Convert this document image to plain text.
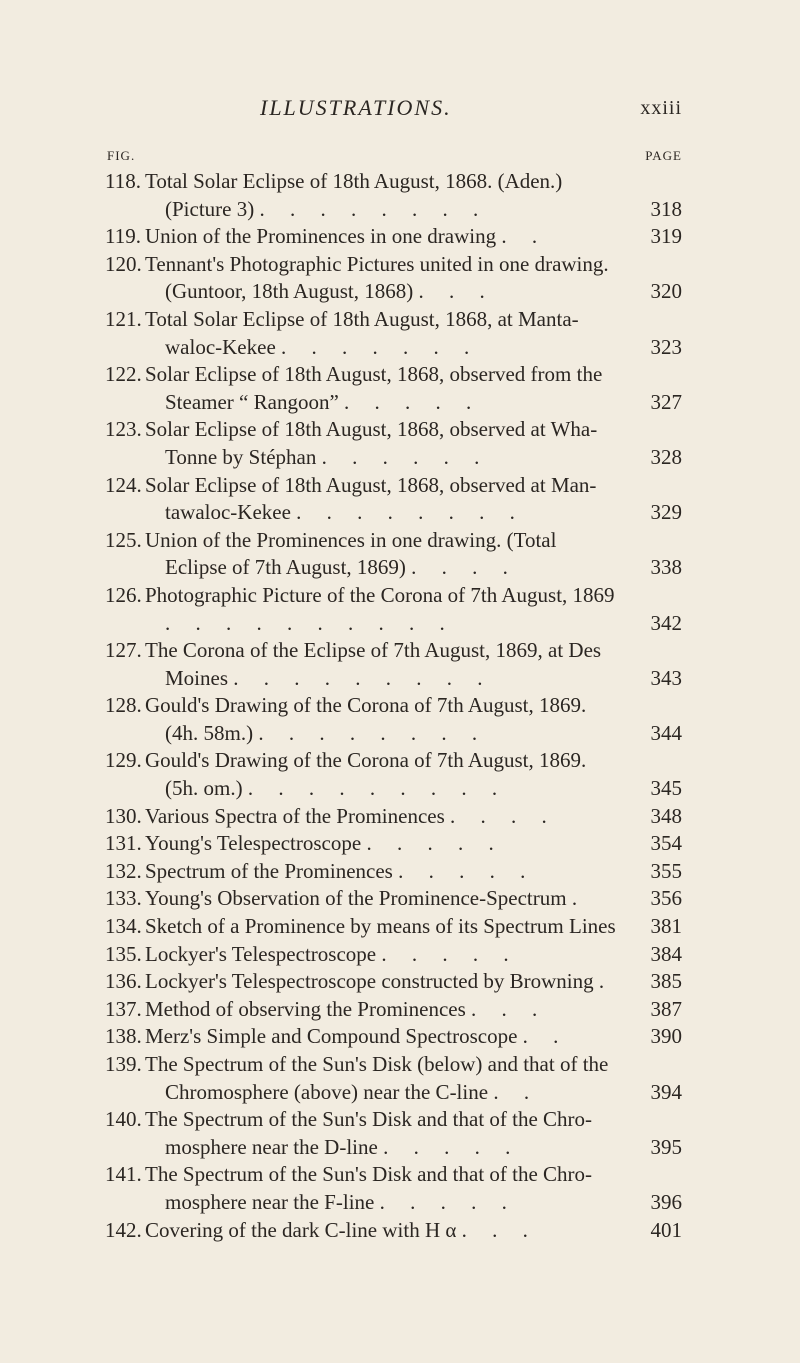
ILLUSTRATIONS.	xxiii
FIG.	PAGE
118. Total Solar Eclipse of 18th August, 1868. (Aden.) (Picture 3) . . . . . . . .	318
119. Union of the Prominences in one drawing . .	319
120. Tennant's Photographic Pictures united in one drawing. (Guntoor, 18th August, 1868) . . .	320
121. Total Solar Eclipse of 18th August, 1868, at Manta-waloc-Kekee . . . . . . .	323
122. Solar Eclipse of 18th August, 1868, observed from the Steamer “ Rangoon” . . . . .	327
123. Solar Eclipse of 18th August, 1868, observed at Wha-Tonne by Stéphan . . . . . .	328
124. Solar Eclipse of 18th August, 1868, observed at Man-tawaloc-Kekee . . . . . . . .	329
125. Union of the Prominences in one drawing. (Total Eclipse of 7th August, 1869) . . . .	338
126. Photographic Picture of the Corona of 7th August, 1869 . . . . . . . . . .	342
127. The Corona of the Eclipse of 7th August, 1869, at Des Moines . . . . . . . . .	343
128. Gould's Drawing of the Corona of 7th August, 1869. (4h. 58m.) . . . . . . . .	344
129. Gould's Drawing of the Corona of 7th August, 1869. (5h. om.) . . . . . . . . .	345
130. Various Spectra of the Prominences . . . .	348
131. Young's Telespectroscope . . . . .	354
132. Spectrum of the Prominences . . . . .	355
133. Young's Observation of the Prominence-Spectrum .	356
134. Sketch of a Prominence by means of its Spectrum Lines	381
135. Lockyer's Telespectroscope . . . . .	384
136. Lockyer's Telespectroscope constructed by Browning .	385
137. Method of observing the Prominences . . .	387
138. Merz's Simple and Compound Spectroscope . .	390
139. The Spectrum of the Sun's Disk (below) and that of the Chromosphere (above) near the C-line . .	394
140. The Spectrum of the Sun's Disk and that of the Chro-mosphere near the D-line . . . . .	395
141. The Spectrum of the Sun's Disk and that of the Chro-mosphere near the F-line . . . . .	396
142. Covering of the dark C-line with H α . . .	401
